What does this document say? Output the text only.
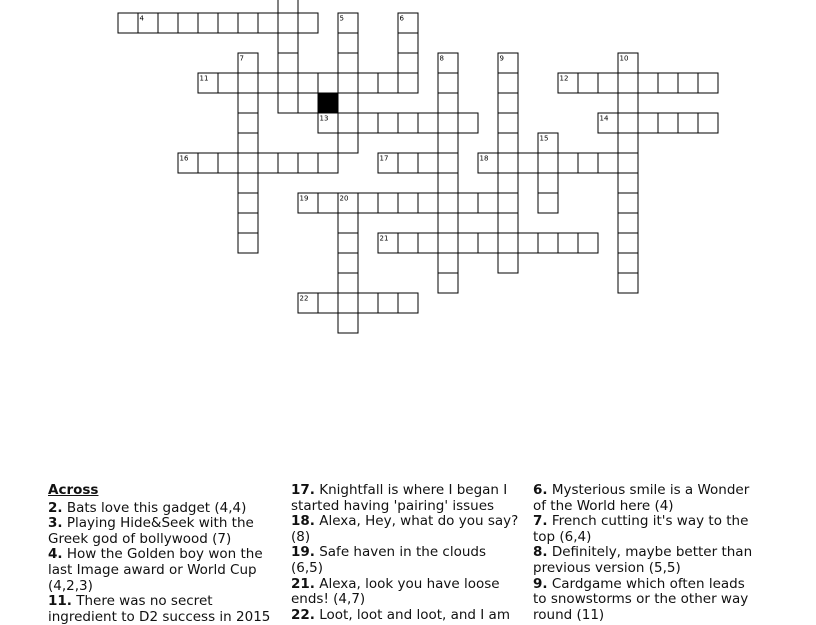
4	5	6
7	8	9	10
11	12
13	14
15
16	17	18
19	20
21
22
Across
2. Bats love this gadget (4,4)
3. Playing Hide&Seek with the Greek god of bollywood (7)
4. How the Golden boy won the last Image award or World Cup (4,2,3)
11. There was no secret ingredient to D2 success in 2015
17. Knightfall is where I began I started having 'pairing' issues
18. Alexa, Hey, what do you say? (8)
19. Safe haven in the clouds (6,5)
21. Alexa, look you have loose ends! (4,7)
22. Loot, loot and loot, and I am
6. Mysterious smile is a Wonder of the World here (4)
7. French cutting it's way to the top (6,4)
8. Definitely, maybe better than previous version (5,5)
9. Cardgame which often leads to snowstorms or the other way round (11)
